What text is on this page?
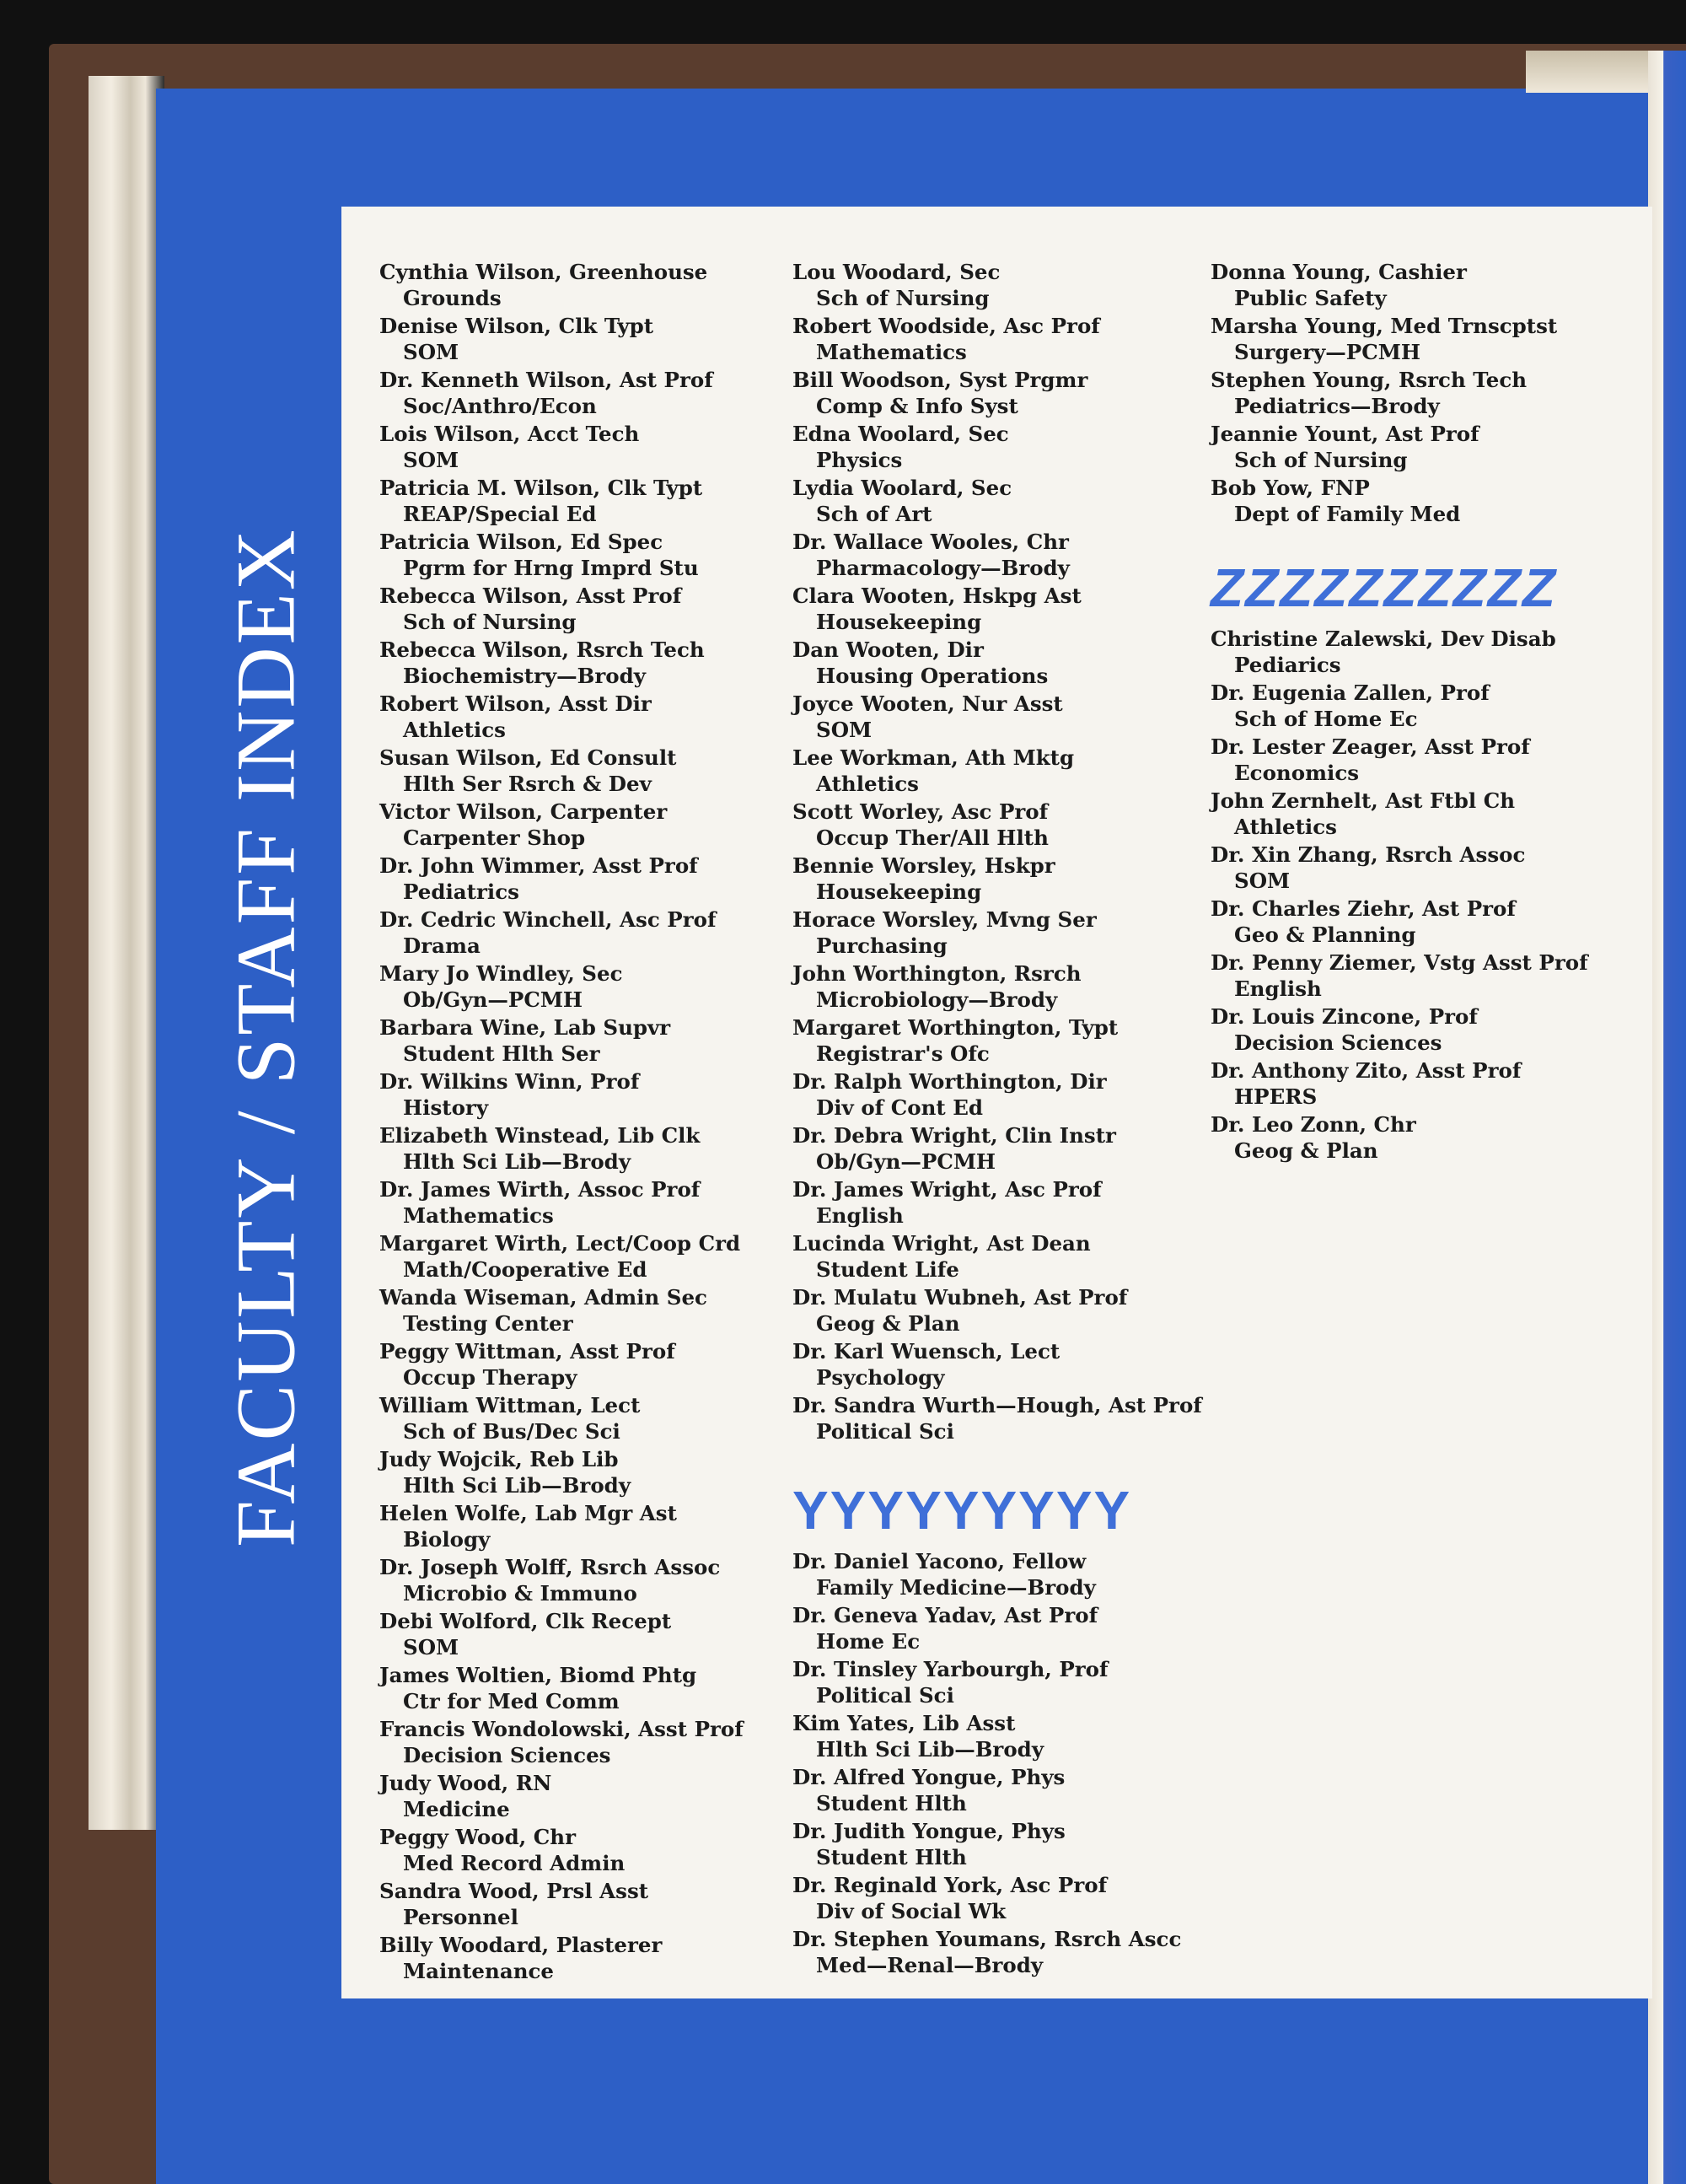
FACULTY / STAFF INDEX
Cynthia Wilson, Greenhouse
Grounds
Denise Wilson, Clk Typt
SOM
Dr. Kenneth Wilson, Ast Prof
Soc/Anthro/Econ
Lois Wilson, Acct Tech
SOM
Patricia M. Wilson, Clk Typt
REAP/Special Ed
Patricia Wilson, Ed Spec
Pgrm for Hrng Imprd Stu
Rebecca Wilson, Asst Prof
Sch of Nursing
Rebecca Wilson, Rsrch Tech
Biochemistry—Brody
Robert Wilson, Asst Dir
Athletics
Susan Wilson, Ed Consult
Hlth Ser Rsrch & Dev
Victor Wilson, Carpenter
Carpenter Shop
Dr. John Wimmer, Asst Prof
Pediatrics
Dr. Cedric Winchell, Asc Prof
Drama
Mary Jo Windley, Sec
Ob/Gyn—PCMH
Barbara Wine, Lab Supvr
Student Hlth Ser
Dr. Wilkins Winn, Prof
History
Elizabeth Winstead, Lib Clk
Hlth Sci Lib—Brody
Dr. James Wirth, Assoc Prof
Mathematics
Margaret Wirth, Lect/Coop Crd
Math/Cooperative Ed
Wanda Wiseman, Admin Sec
Testing Center
Peggy Wittman, Asst Prof
Occup Therapy
William Wittman, Lect
Sch of Bus/Dec Sci
Judy Wojcik, Reb Lib
Hlth Sci Lib—Brody
Helen Wolfe, Lab Mgr Ast
Biology
Dr. Joseph Wolff, Rsrch Assoc
Microbio & Immuno
Debi Wolford, Clk Recept
SOM
James Woltien, Biomd Phtg
Ctr for Med Comm
Francis Wondolowski, Asst Prof
Decision Sciences
Judy Wood, RN
Medicine
Peggy Wood, Chr
Med Record Admin
Sandra Wood, Prsl Asst
Personnel
Billy Woodard, Plasterer
Maintenance
Lou Woodard, Sec
Sch of Nursing
Robert Woodside, Asc Prof
Mathematics
Bill Woodson, Syst Prgmr
Comp & Info Syst
Edna Woolard, Sec
Physics
Lydia Woolard, Sec
Sch of Art
Dr. Wallace Wooles, Chr
Pharmacology—Brody
Clara Wooten, Hskpg Ast
Housekeeping
Dan Wooten, Dir
Housing Operations
Joyce Wooten, Nur Asst
SOM
Lee Workman, Ath Mktg
Athletics
Scott Worley, Asc Prof
Occup Ther/All Hlth
Bennie Worsley, Hskpr
Housekeeping
Horace Worsley, Mvng Ser
Purchasing
John Worthington, Rsrch
Microbiology—Brody
Margaret Worthington, Typt
Registrar's Ofc
Dr. Ralph Worthington, Dir
Div of Cont Ed
Dr. Debra Wright, Clin Instr
Ob/Gyn—PCMH
Dr. James Wright, Asc Prof
English
Lucinda Wright, Ast Dean
Student Life
Dr. Mulatu Wubneh, Ast Prof
Geog & Plan
Dr. Karl Wuensch, Lect
Psychology
Dr. Sandra Wurth—Hough, Ast Prof
Political Sci
YYYYYYYYY
Dr. Daniel Yacono, Fellow
Family Medicine—Brody
Dr. Geneva Yadav, Ast Prof
Home Ec
Dr. Tinsley Yarbourgh, Prof
Political Sci
Kim Yates, Lib Asst
Hlth Sci Lib—Brody
Dr. Alfred Yongue, Phys
Student Hlth
Dr. Judith Yongue, Phys
Student Hlth
Dr. Reginald York, Asc Prof
Div of Social Wk
Dr. Stephen Youmans, Rsrch Ascc
Med—Renal—Brody
Donna Young, Cashier
Public Safety
Marsha Young, Med Trnscptst
Surgery—PCMH
Stephen Young, Rsrch Tech
Pediatrics—Brody
Jeannie Yount, Ast Prof
Sch of Nursing
Bob Yow, FNP
Dept of Family Med
ZZZZZZZZZZ
Christine Zalewski, Dev Disab
Pediarics
Dr. Eugenia Zallen, Prof
Sch of Home Ec
Dr. Lester Zeager, Asst Prof
Economics
John Zernhelt, Ast Ftbl Ch
Athletics
Dr. Xin Zhang, Rsrch Assoc
SOM
Dr. Charles Ziehr, Ast Prof
Geo & Planning
Dr. Penny Ziemer, Vstg Asst Prof
English
Dr. Louis Zincone, Prof
Decision Sciences
Dr. Anthony Zito, Asst Prof
HPERS
Dr. Leo Zonn, Chr
Geog & Plan
